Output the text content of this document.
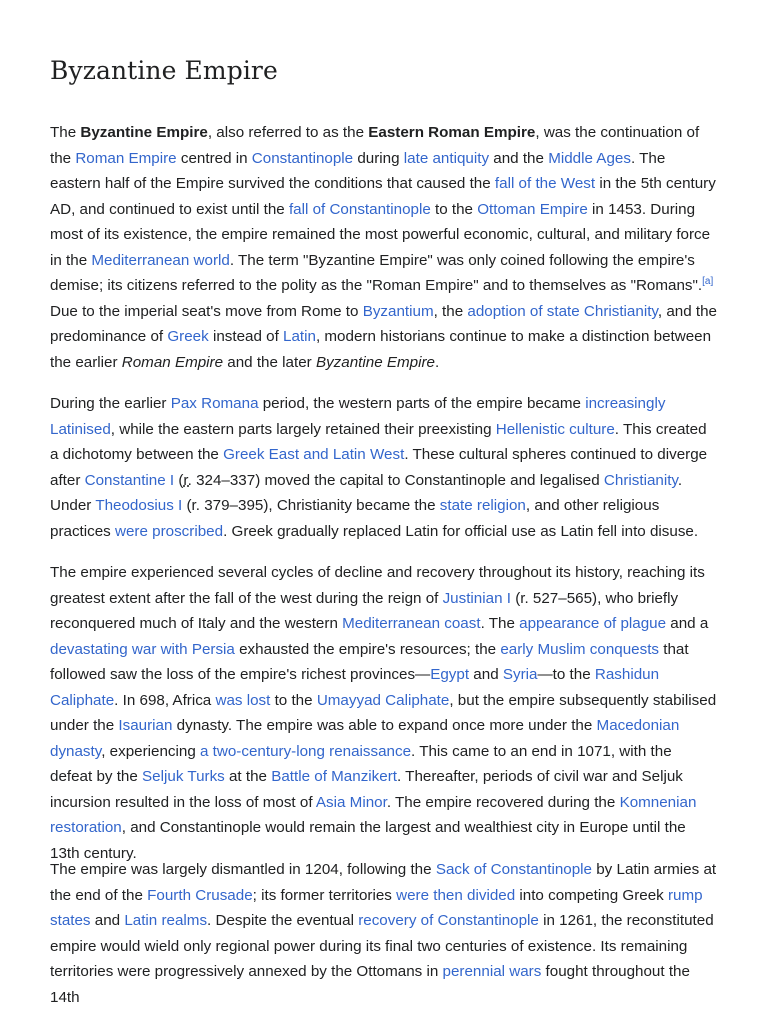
Byzantine Empire

The Byzantine Empire, also referred to as the Eastern Roman Empire, was the continuation of the Roman Empire centred in Constantinople during late antiquity and the Middle Ages. The eastern half of the Empire survived the conditions that caused the fall of the West in the 5th century AD, and continued to exist until the fall of Constantinople to the Ottoman Empire in 1453. During most of its existence, the empire remained the most powerful economic, cultural, and military force in the Mediterranean world. The term "Byzantine Empire" was only coined following the empire's demise; its citizens referred to the polity as the "Roman Empire" and to themselves as "Romans".[a] Due to the imperial seat's move from Rome to Byzantium, the adoption of state Christianity, and the predominance of Greek instead of Latin, modern historians continue to make a distinction between the earlier Roman Empire and the later Byzantine Empire.

During the earlier Pax Romana period, the western parts of the empire became increasingly Latinised, while the eastern parts largely retained their preexisting Hellenistic culture. This created a dichotomy between the Greek East and Latin West. These cultural spheres continued to diverge after Constantine I (r. 324–337) moved the capital to Constantinople and legalised Christianity. Under Theodosius I (r. 379–395), Christianity became the state religion, and other religious practices were proscribed. Greek gradually replaced Latin for official use as Latin fell into disuse.

The empire experienced several cycles of decline and recovery throughout its history, reaching its greatest extent after the fall of the west during the reign of Justinian I (r. 527–565), who briefly reconquered much of Italy and the western Mediterranean coast. The appearance of plague and a devastating war with Persia exhausted the empire's resources; the early Muslim conquests that followed saw the loss of the empire's richest provinces—Egypt and Syria—to the Rashidun Caliphate. In 698, Africa was lost to the Umayyad Caliphate, but the empire subsequently stabilised under the Isaurian dynasty. The empire was able to expand once more under the Macedonian dynasty, experiencing a two-century-long renaissance. This came to an end in 1071, with the defeat by the Seljuk Turks at the Battle of Manzikert. Thereafter, periods of civil war and Seljuk incursion resulted in the loss of most of Asia Minor. The empire recovered during the Komnenian restoration, and Constantinople would remain the largest and wealthiest city in Europe until the 13th century.

The empire was largely dismantled in 1204, following the Sack of Constantinople by Latin armies at the end of the Fourth Crusade; its former territories were then divided into competing Greek rump states and Latin realms. Despite the eventual recovery of Constantinople in 1261, the reconstituted empire would wield only regional power during its final two centuries of existence. Its remaining territories were progressively annexed by the Ottomans in perennial wars fought throughout the 14th
